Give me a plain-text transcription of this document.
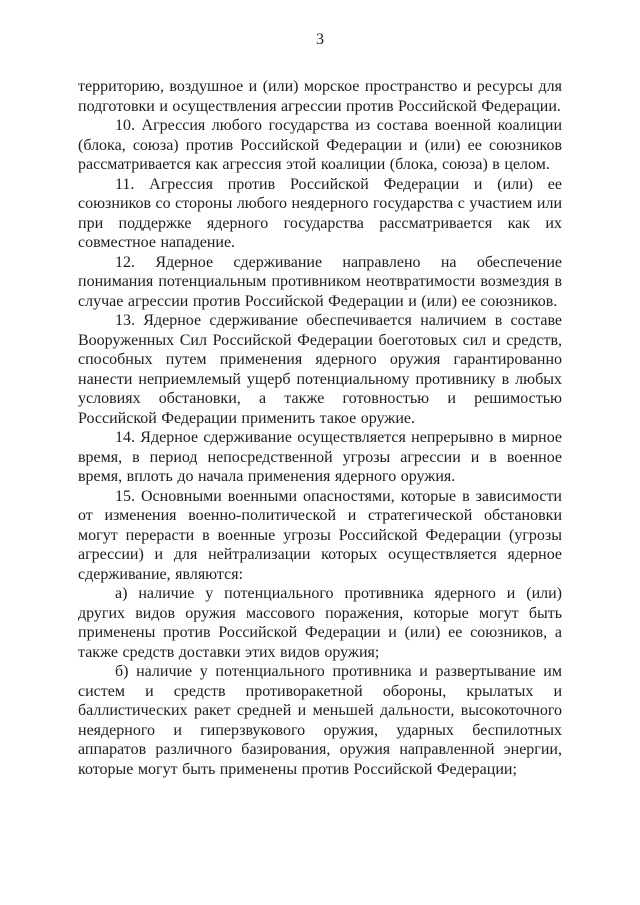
3

территорию, воздушное и (или) морское пространство и ресурсы для подготовки и осуществления агрессии против Российской Федерации.

10. Агрессия любого государства из состава военной коалиции (блока, союза) против Российской Федерации и (или) ее союзников рассматривается как агрессия этой коалиции (блока, союза) в целом.

11. Агрессия против Российской Федерации и (или) ее союзников со стороны любого неядерного государства с участием или при поддержке ядерного государства рассматривается как их совместное нападение.

12. Ядерное сдерживание направлено на обеспечение понимания потенциальным противником неотвратимости возмездия в случае агрессии против Российской Федерации и (или) ее союзников.

13. Ядерное сдерживание обеспечивается наличием в составе Вооруженных Сил Российской Федерации боеготовых сил и средств, способных путем применения ядерного оружия гарантированно нанести неприемлемый ущерб потенциальному противнику в любых условиях обстановки, а также готовностью и решимостью Российской Федерации применить такое оружие.

14. Ядерное сдерживание осуществляется непрерывно в мирное время, в период непосредственной угрозы агрессии и в военное время, вплоть до начала применения ядерного оружия.

15. Основными военными опасностями, которые в зависимости от изменения военно-политической и стратегической обстановки могут перерасти в военные угрозы Российской Федерации (угрозы агрессии) и для нейтрализации которых осуществляется ядерное сдерживание, являются:

а) наличие у потенциального противника ядерного и (или) других видов оружия массового поражения, которые могут быть применены против Российской Федерации и (или) ее союзников, а также средств доставки этих видов оружия;

б) наличие у потенциального противника и развертывание им систем и средств противоракетной обороны, крылатых и баллистических ракет средней и меньшей дальности, высокоточного неядерного и гиперзвукового оружия, ударных беспилотных аппаратов различного базирования, оружия направленной энергии, которые могут быть применены против Российской Федерации;
